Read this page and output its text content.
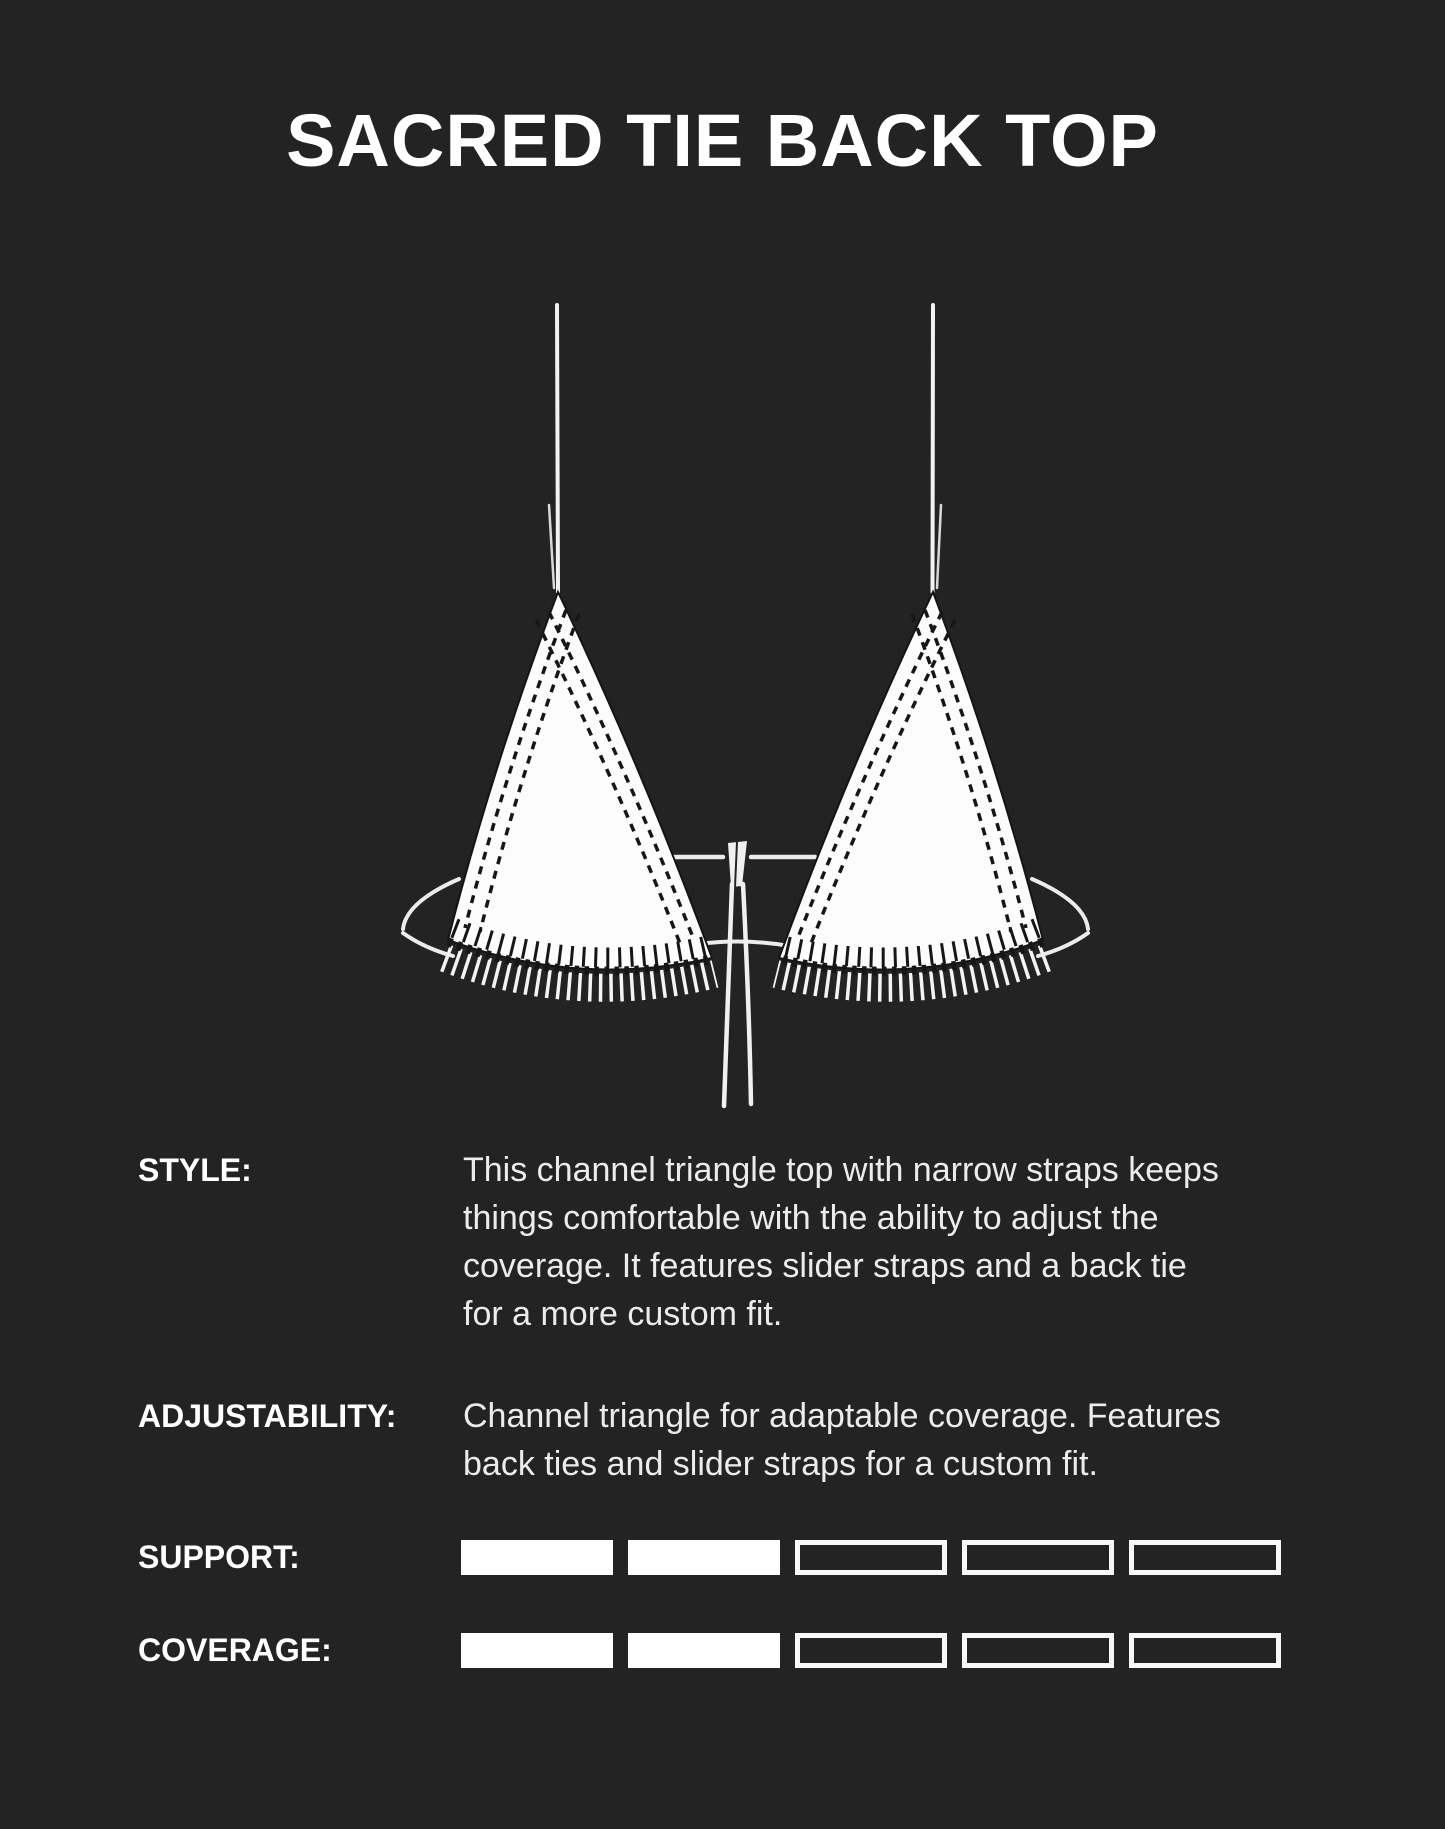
SACRED TIE BACK TOP
STYLE:	This channel triangle top with narrow straps keeps
things comfortable with the ability to adjust the
coverage. It features slider straps and a back tie
for a more custom fit.
ADJUSTABILITY: Channel triangle for adaptable coverage. Features
back ties and slider straps for a custom fit.
SUPPORT:
COVERAGE:
